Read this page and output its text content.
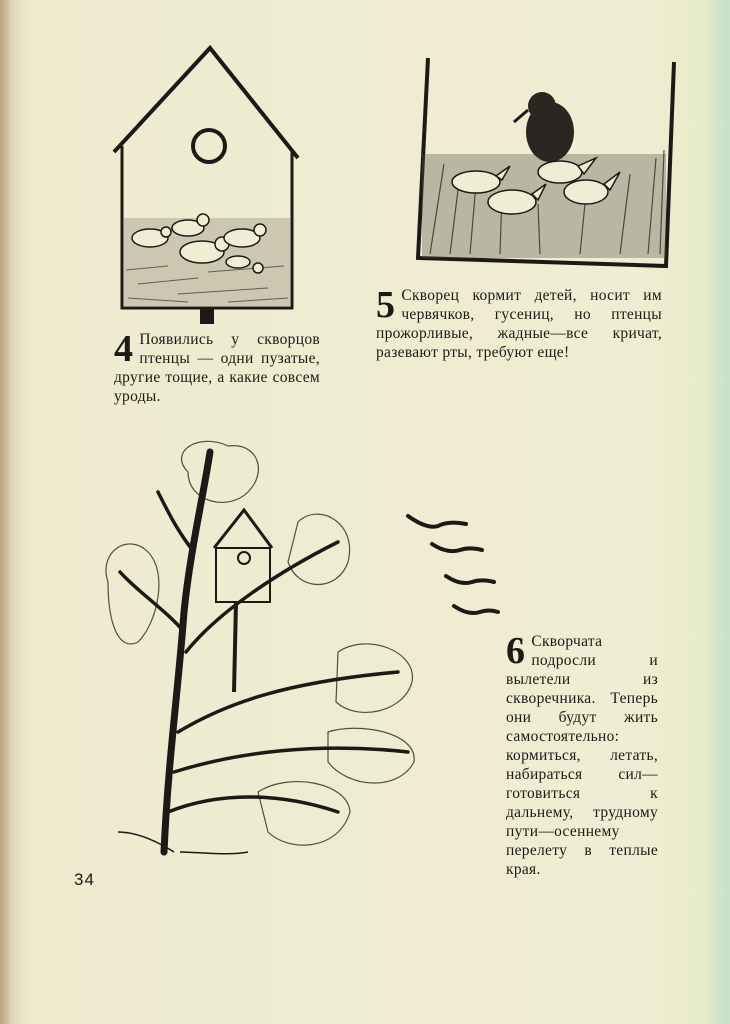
4 Появились у скворцов птенцы — одни пузатые, другие тощие, а какие совсем уроды.
5 Скворец кормит детей, носит им червячков, гусениц, но птенцы прожорливые, жадные—все кричат, разевают рты, требуют еще!
6 Скворчата подросли и вылетели из скворечника. Теперь они будут жить самостоятельно: кормиться, летать, набираться сил—готовиться к дальнему, трудному пути—осеннему перелету в теплые края.
34
